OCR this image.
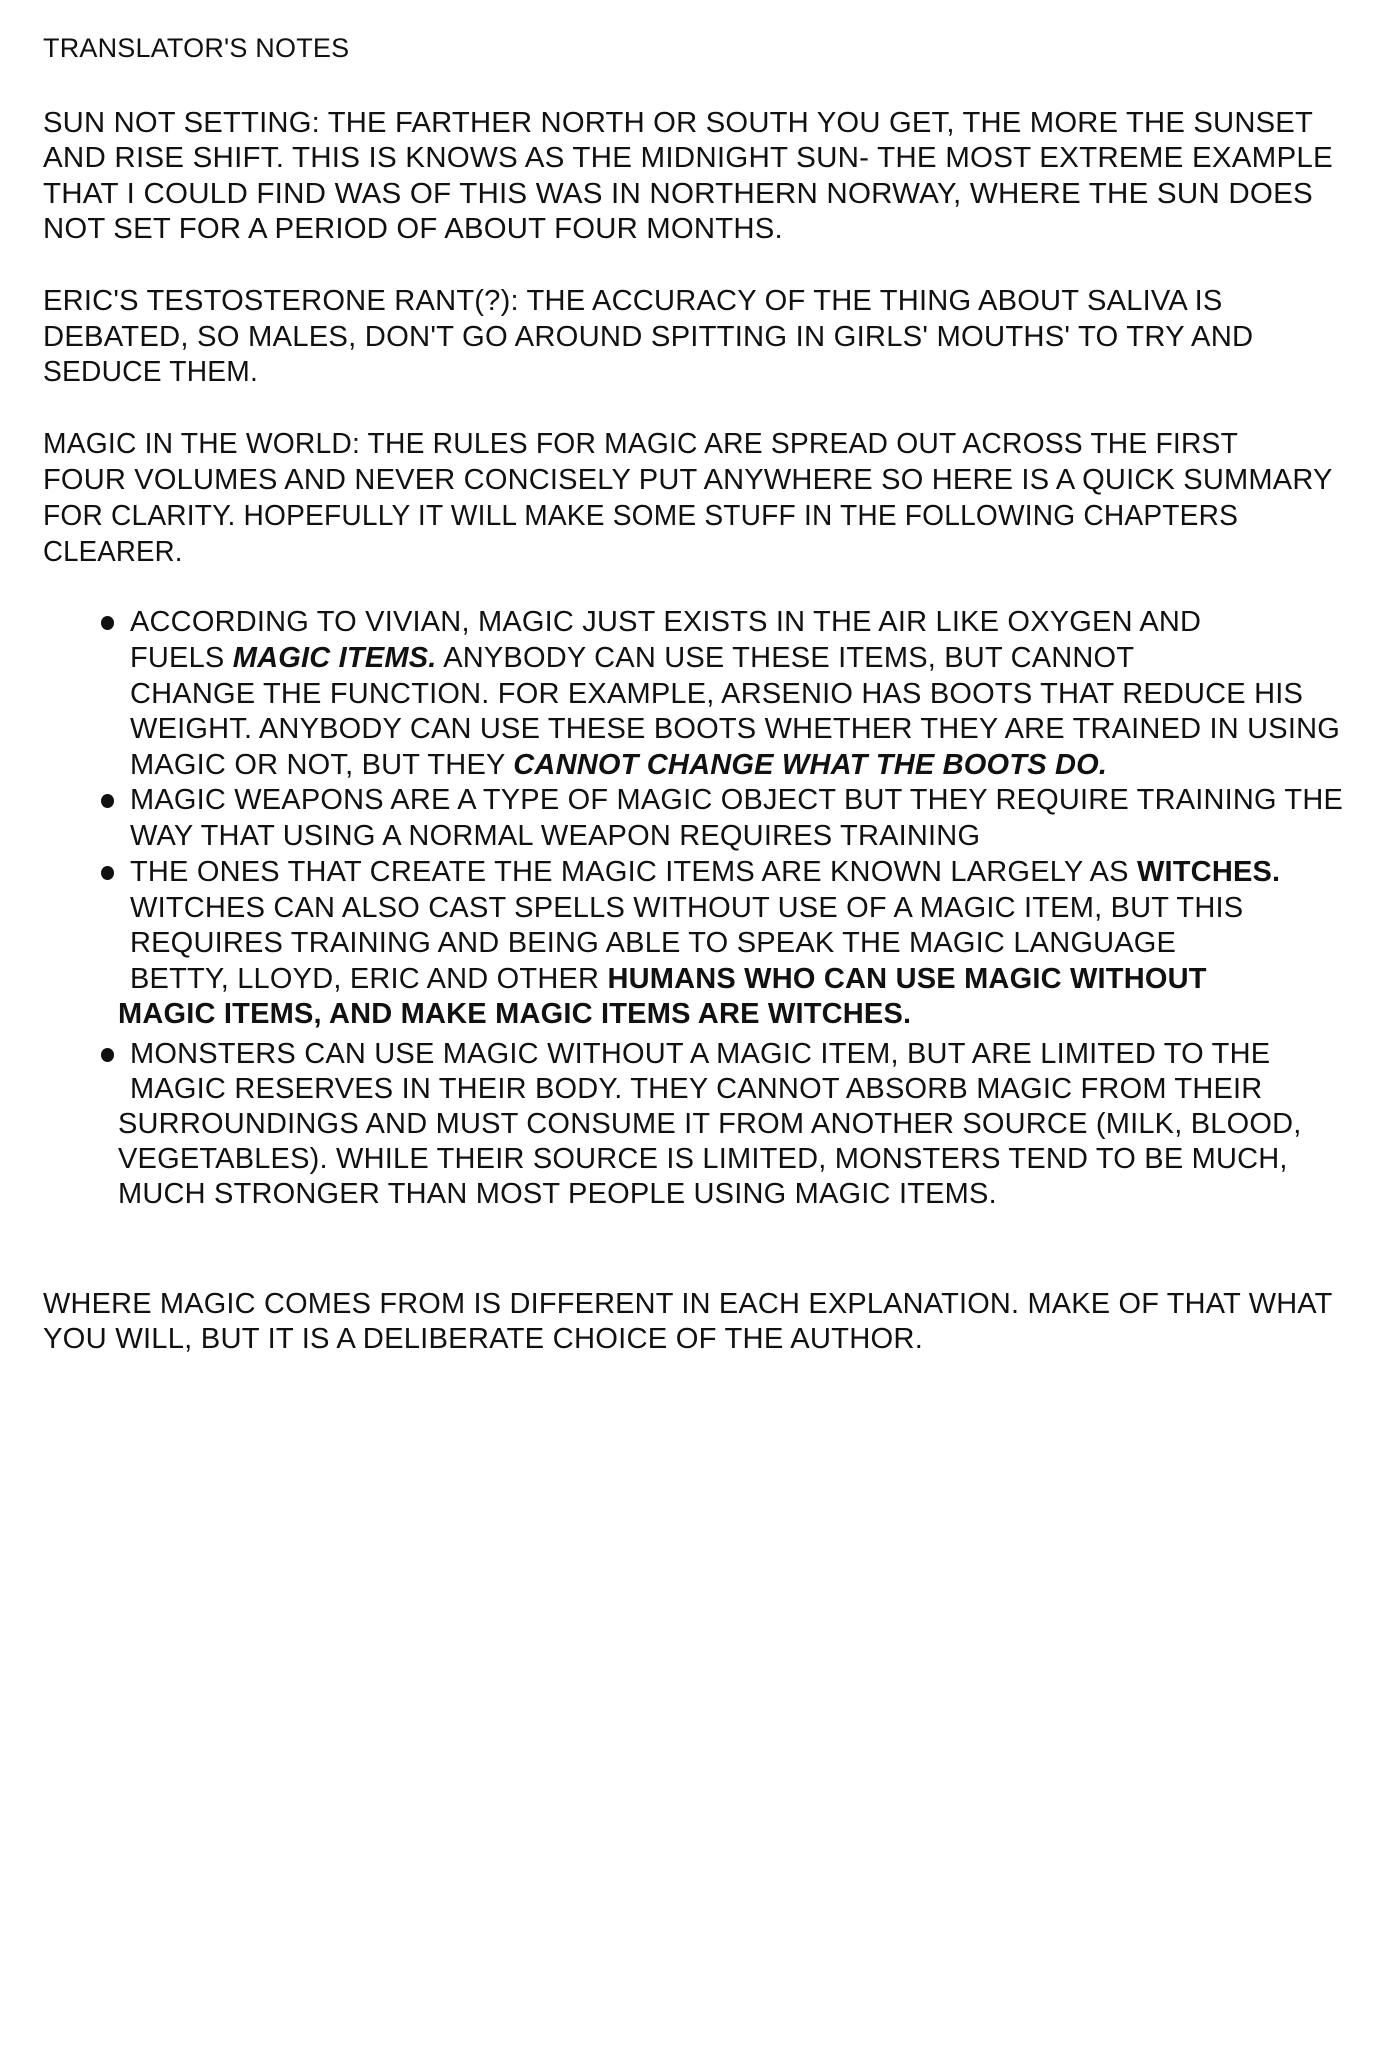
TRANSLATOR'S NOTES
SUN NOT SETTING: THE FARTHER NORTH OR SOUTH YOU GET, THE MORE THE SUNSET
AND RISE SHIFT. THIS IS KNOWS AS THE MIDNIGHT SUN- THE MOST EXTREME EXAMPLE
THAT I COULD FIND WAS OF THIS WAS IN NORTHERN NORWAY, WHERE THE SUN DOES
NOT SET FOR A PERIOD OF ABOUT FOUR MONTHS.
ERIC'S TESTOSTERONE RANT(?): THE ACCURACY OF THE THING ABOUT SALIVA IS
DEBATED, SO MALES, DON'T GO AROUND SPITTING IN GIRLS' MOUTHS' TO TRY AND
SEDUCE THEM.
MAGIC IN THE WORLD: THE RULES FOR MAGIC ARE SPREAD OUT ACROSS THE FIRST
FOUR VOLUMES AND NEVER CONCISELY PUT ANYWHERE SO HERE IS A QUICK SUMMARY
FOR CLARITY. HOPEFULLY IT WILL MAKE SOME STUFF IN THE FOLLOWING CHAPTERS
CLEARER.
ACCORDING TO VIVIAN, MAGIC JUST EXISTS IN THE AIR LIKE OXYGEN AND
FUELS MAGIC ITEMS. ANYBODY CAN USE THESE ITEMS, BUT CANNOT
CHANGE THE FUNCTION. FOR EXAMPLE, ARSENIO HAS BOOTS THAT REDUCE HIS
WEIGHT. ANYBODY CAN USE THESE BOOTS WHETHER THEY ARE TRAINED IN USING
MAGIC OR NOT, BUT THEY CANNOT CHANGE WHAT THE BOOTS DO.
MAGIC WEAPONS ARE A TYPE OF MAGIC OBJECT BUT THEY REQUIRE TRAINING THE
WAY THAT USING A NORMAL WEAPON REQUIRES TRAINING
THE ONES THAT CREATE THE MAGIC ITEMS ARE KNOWN LARGELY AS WITCHES.
WITCHES CAN ALSO CAST SPELLS WITHOUT USE OF A MAGIC ITEM, BUT THIS
REQUIRES TRAINING AND BEING ABLE TO SPEAK THE MAGIC LANGUAGE
BETTY, LLOYD, ERIC AND OTHER HUMANS WHO CAN USE MAGIC WITHOUT
MAGIC ITEMS, AND MAKE MAGIC ITEMS ARE WITCHES.
MONSTERS CAN USE MAGIC WITHOUT A MAGIC ITEM, BUT ARE LIMITED TO THE
MAGIC RESERVES IN THEIR BODY. THEY CANNOT ABSORB MAGIC FROM THEIR
SURROUNDINGS AND MUST CONSUME IT FROM ANOTHER SOURCE (MILK, BLOOD,
VEGETABLES). WHILE THEIR SOURCE IS LIMITED, MONSTERS TEND TO BE MUCH,
MUCH STRONGER THAN MOST PEOPLE USING MAGIC ITEMS.
WHERE MAGIC COMES FROM IS DIFFERENT IN EACH EXPLANATION. MAKE OF THAT WHAT
YOU WILL, BUT IT IS A DELIBERATE CHOICE OF THE AUTHOR.
